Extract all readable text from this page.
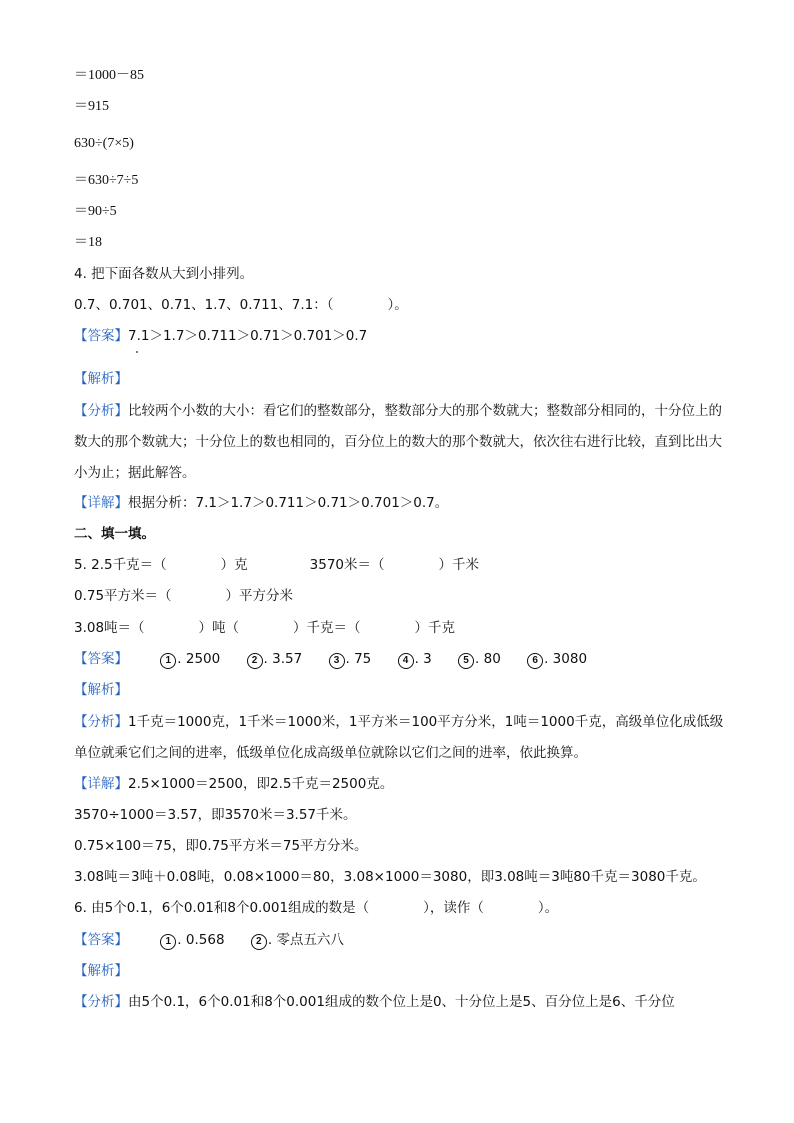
＝1000－85
＝915
630÷(7×5)
＝630÷7÷5
＝90÷5
＝18
4. 把下面各数从大到小排列。
0.7、0.701、0.71、1.7、0.711、7.1：（　　　　）。
【答案】7.1＞1.7＞0.711＞0.71＞0.701＞0.7
【解析】
【分析】比较两个小数的大小：看它们的整数部分，整数部分大的那个数就大；整数部分相同的，十分位上的数大的那个数就大；十分位上的数也相同的，百分位上的数大的那个数就大，依次往右进行比较，直到比出大小为止；据此解答。
【详解】根据分析：7.1＞1.7＞0.711＞0.71＞0.701＞0.7。
二、填一填。
5. 2.5千克＝（　　　　）克	3570米＝（　　　　）千米
0.75平方米＝（　　　　）平方分米
3.08吨＝（　　　　）吨（　　　　）千克＝（　　　　）千克
【答案】	1 . 2500	2 . 3.57	3 . 75	4 . 3	5 . 80	6 . 3080
【解析】
【分析】1千克＝1000克，1千米＝1000米，1平方米＝100平方分米，1吨＝1000千克，高级单位化成低级单位就乘它们之间的进率，低级单位化成高级单位就除以它们之间的进率，依此换算。
【详解】2.5×1000＝2500，即2.5千克＝2500克。
3570÷1000＝3.57，即3570米＝3.57千米。
0.75×100＝75，即0.75平方米＝75平方分米。
3.08吨＝3吨＋0.08吨，0.08×1000＝80，3.08×1000＝3080，即3.08吨＝3吨80千克＝3080千克。
6. 由5个0.1，6个0.01和8个0.001组成的数是（　　　　），读作（　　　　）。
【答案】	1 . 0.568	2 . 零点五六八
【解析】
【分析】由5个0.1，6个0.01和8个0.001组成的数个位上是0、十分位上是5、百分位上是6、千分位
